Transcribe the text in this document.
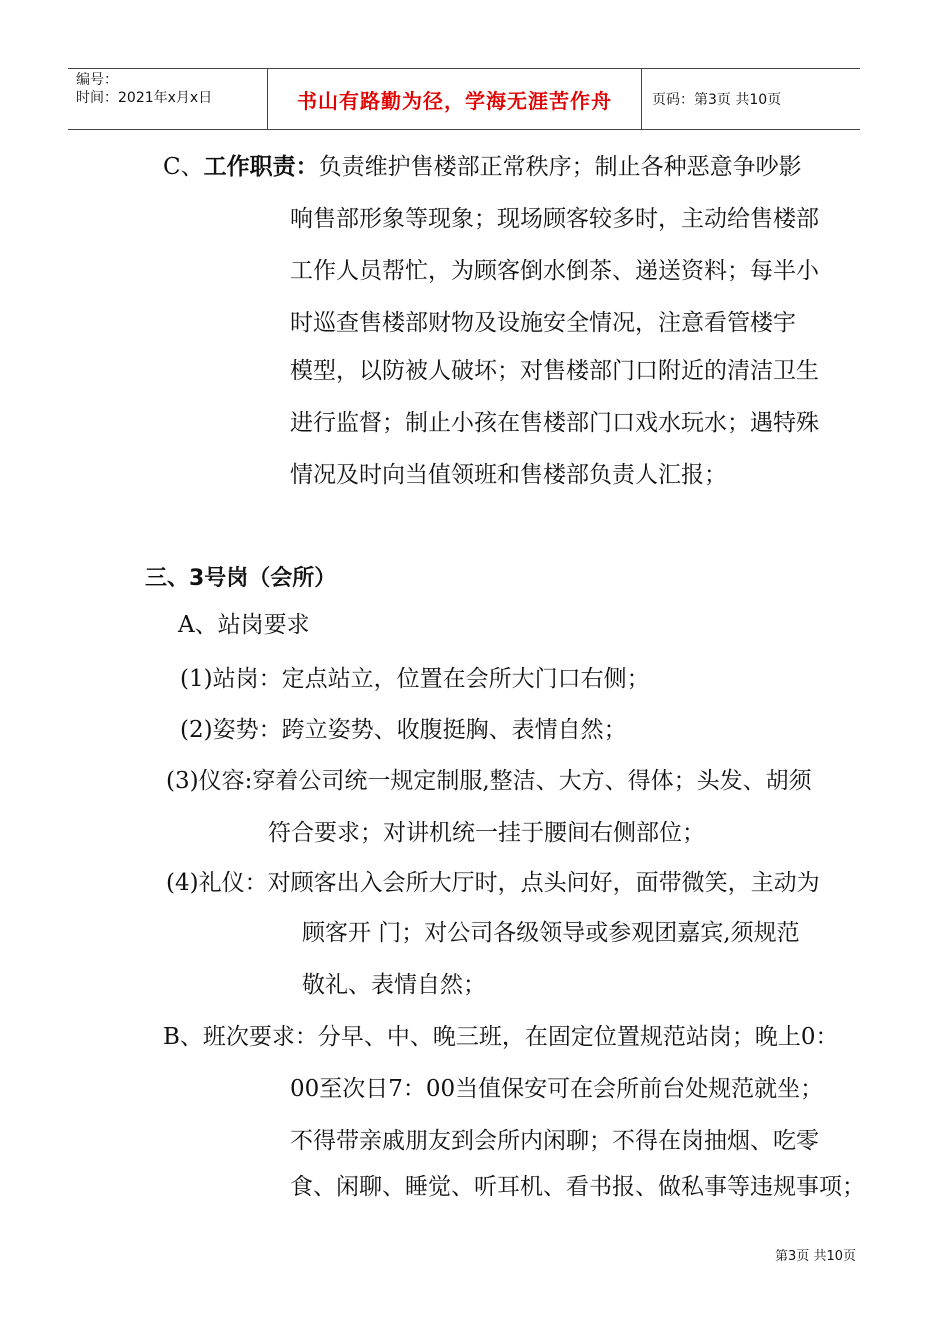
编号：
时间：2021年x月x日	书山有路勤为径，学海无涯苦作舟	页码：第3页 共10页
C、工作职责：负责维护售楼部正常秩序；制止各种恶意争吵影
响售部形象等现象；现场顾客较多时，主动给售楼部
工作人员帮忙，为顾客倒水倒茶、递送资料；每半小
时巡查售楼部财物及设施安全情况，注意看管楼宇
模型，以防被人破坏；对售楼部门口附近的清洁卫生
进行监督；制止小孩在售楼部门口戏水玩水；遇特殊
情况及时向当值领班和售楼部负责人汇报；
三、3号岗（会所）
A、站岗要求
(1)站岗：定点站立，位置在会所大门口右侧；
(2)姿势：跨立姿势、收腹挺胸、表情自然；
(3)仪容:穿着公司统一规定制服,整洁、大方、得体；头发、胡须
符合要求；对讲机统一挂于腰间右侧部位；
(4)礼仪：对顾客出入会所大厅时，点头问好，面带微笑，主动为
顾客开 门；对公司各级领导或参观团嘉宾,须规范
敬礼、表情自然；
B、班次要求：分早、中、晚三班，在固定位置规范站岗；晚上0：
00至次日7：00当值保安可在会所前台处规范就坐；
不得带亲戚朋友到会所内闲聊；不得在岗抽烟、吃零
食、闲聊、睡觉、听耳机、看书报、做私事等违规事项；
第3页 共10页
